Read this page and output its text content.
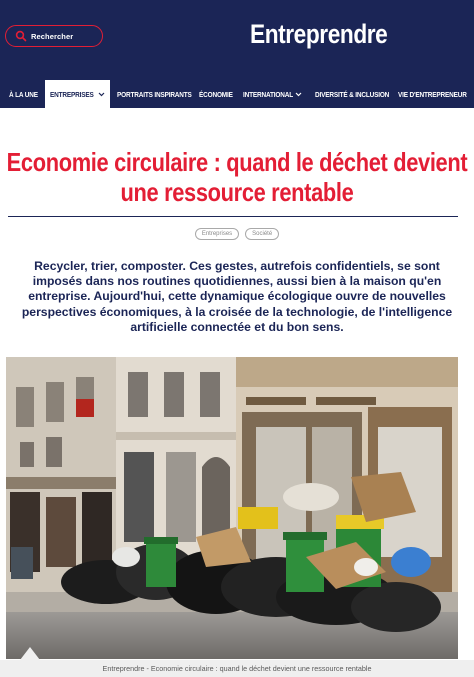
Rechercher	Entreprendre
À LA UNE ENTREPRISES	PORTRAITS INSPIRANTS ÉCONOMIE INTERNATIONAL	DIVERSITÉ & INCLUSION VIE D'ENTREPRENEUR
Economie circulaire : quand le déchet devient
une ressource rentable
Entreprises	Société

Recycler, trier, composter. Ces gestes, autrefois confidentiels, se sont imposés dans nos routines quotidiennes, aussi bien à la maison qu'en entreprise. Aujourd'hui, cette dynamique écologique ouvre de nouvelles perspectives économiques, à la croisée de la technologie, de l'intelligence artificielle connectée et du bon sens.

Entreprendre - Economie circulaire : quand le déchet devient une ressource rentable
